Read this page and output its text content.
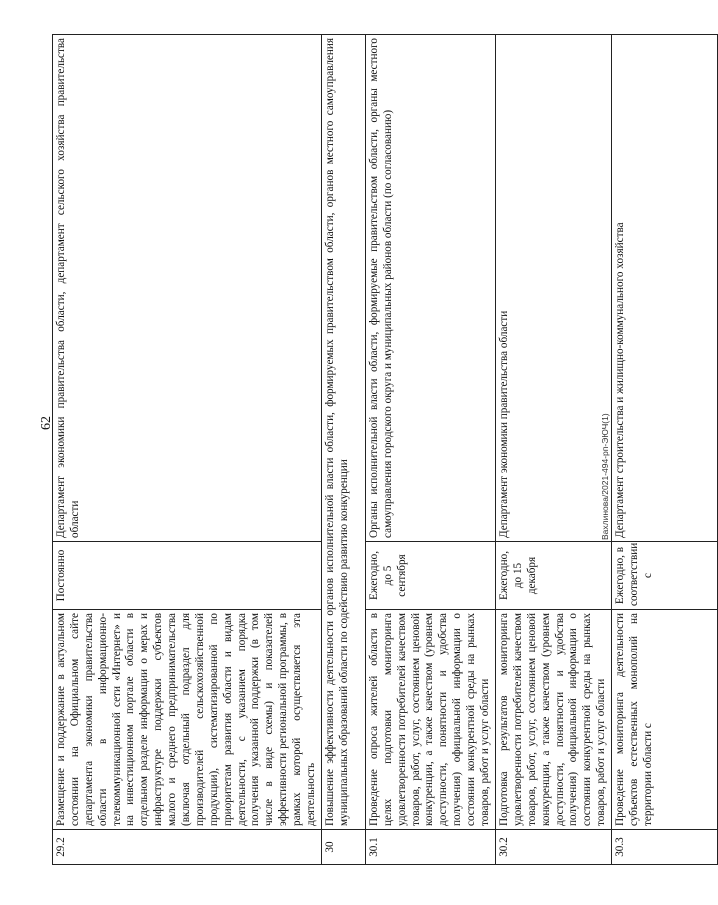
62	Вахлинова/2021-494-рп-ЭЮЧ(1)
29.2	Размещение и поддержание в актуальном состоянии на Официальном сайте департамента экономики правительства области в информационно-телекоммуникационной сети «Интернет» и на инвестиционном портале области в отдельном разделе информации о мерах и инфраструктуре поддержки субъектов малого и среднего предпринимательства (включая отдельный подраздел для производителей сельскохозяйственной продукции), систематизированной по приоритетам развития области и видам деятельности, с указанием порядка получения указанной поддержки (в том числе в виде схемы) и показателей эффективности региональной программы, в рамках которой осуществляется эта деятельность	Постоянно	Департамент экономики правительства области, департамент сельского хозяйства правительства области
30	Повышение эффективности деятельности органов исполнительной власти области, формируемых правительством области, органов местного самоуправления муниципальных образований области по содействию развитию конкуренции		
30.1	Проведение опроса жителей области в целях подготовки мониторинга удовлетворенности потребителей качеством товаров, работ, услуг, состоянием ценовой конкуренции, а также качеством (уровнем доступности, понятности и удобства получения) официальной информации о состоянии конкурентной среды на рынках товаров, работ и услуг области	Ежегодно, до 5 сентября	Органы исполнительной власти области, формируемые правительством области, органы местного самоуправления городского округа и муниципальных районов области (по согласованию)
30.2	Подготовка результатов мониторинга удовлетворенности потребителей качеством товаров, работ, услуг, состоянием ценовой конкуренции, а также качеством (уровнем доступности, понятности и удобства получения) официальной информации о состоянии конкурентной среды на рынках товаров, работ и услуг области	Ежегодно, до 15 декабря	Департамент экономики правительства области
30.3	Проведение мониторинга деятельности субъектов естественных монополий на территории области с	Ежегодно, в соответствии с	Департамент строительства и жилищно-коммунального хозяйства
